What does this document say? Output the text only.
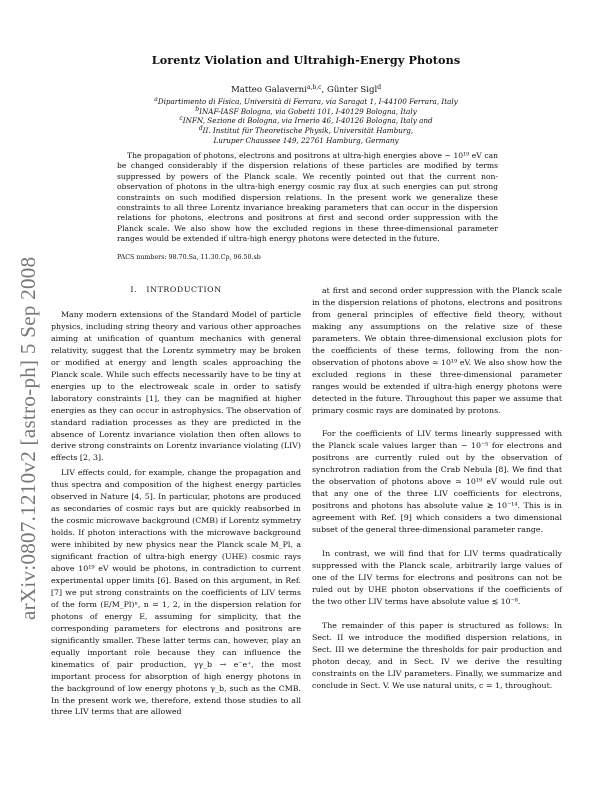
arXiv:0807.1210v2 [astro-ph] 5 Sep 2008
Lorentz Violation and Ultrahigh-Energy Photons
Matteo Galaverni$^{a,b,c}$, Günter Sigl$^d$
$^a$Dipartimento di Fisica, Università di Ferrara, via Saragat 1, I-44100 Ferrara, Italy
$^b$INAF-IASF Bologna, via Gobetti 101, I-40129 Bologna, Italy
$^c$INFN, Sezione di Bologna, via Irnerio 46, I-40126 Bologna, Italy and
$^d$II. Institut für Theoretische Physik, Universität Hamburg,
Luruper Chaussee 149, 22761 Hamburg, Germany
The propagation of photons, electrons and positrons at ultra-high energies above ∼ 10¹⁹ eV can be changed considerably if the dispersion relations of these particles are modified by terms suppressed by powers of the Planck scale. We recently pointed out that the current non-observation of photons in the ultra-high energy cosmic ray flux at such energies can put strong constraints on such modified dispersion relations. In the present work we generalize these constraints to all three Lorentz invariance breaking parameters that can occur in the dispersion relations for photons, electrons and positrons at first and second order suppression with the Planck scale. We also show how the excluded regions in these three-dimensional parameter ranges would be extended if ultra-high energy photons were detected in the future.
PACS numbers: 98.70.Sa, 11.30.Cp, 96.50.sb
I. INTRODUCTION

Many modern extensions of the Standard Model of particle physics, including string theory and various other approaches aiming at unification of quantum mechanics with general relativity, suggest that the Lorentz symmetry may be broken or modified at energy and length scales approaching the Planck scale. While such effects necessarily have to be tiny at energies up to the electroweak scale in order to satisfy laboratory constraints [1], they can be magnified at higher energies as they can occur in astrophysics. The observation of standard radiation processes as they are predicted in the absence of Lorentz invariance violation then often allows to derive strong constraints on Lorentz invariance violating (LIV) effects [2, 3].

LIV effects could, for example, change the propagation and thus spectra and composition of the highest energy particles observed in Nature [4, 5]. In particular, photons are produced as secondaries of cosmic rays but are quickly reabsorbed in the cosmic microwave background (CMB) if Lorentz symmetry holds. If photon interactions with the microwave background were inhibited by new physics near the Planck scale M_Pl, a significant fraction of ultra-high energy (UHE) cosmic rays above 10¹⁹ eV would be photons, in contradiction to current experimental upper limits [6]. Based on this argument, in Ref. [7] we put strong constraints on the coefficients of LIV terms of the form (E/M_Pl)ⁿ, n = 1, 2, in the dispersion relation for photons of energy E, assuming for simplicity, that the corresponding parameters for electrons and positrons are significantly smaller. These latter terms can, however, play an equally important role because they can influence the kinematics of pair production, γγ_b → e⁻e⁺, the most important process for absorption of high energy photons in the background of low energy photons γ_b, such as the CMB. In the present work we, therefore, extend those studies to all three LIV terms that are allowed

at first and second order suppression with the Planck scale in the dispersion relations of photons, electrons and positrons from general principles of effective field theory, without making any assumptions on the relative size of these parameters. We obtain three-dimensional exclusion plots for the coefficients of these terms, following from the non-observation of photons above ≃ 10¹⁹ eV. We also show how the excluded regions in these three-dimensional parameter ranges would be extended if ultra-high energy photons were detected in the future. Throughout this paper we assume that primary cosmic rays are dominated by protons.

For the coefficients of LIV terms linearly suppressed with the Planck scale values larger than ∼ 10⁻⁵ for electrons and positrons are currently ruled out by the observation of synchrotron radiation from the Crab Nebula [8]. We find that the observation of photons above ≃ 10¹⁹ eV would rule out that any one of the three LIV coefficients for electrons, positrons and photons has absolute value ≳ 10⁻¹⁴. This is in agreement with Ref. [9] which considers a two dimensional subset of the general three-dimensional parameter range.

In contrast, we will find that for LIV terms quadratically suppressed with the Planck scale, arbitrarily large values of one of the LIV terms for electrons and positrons can not be ruled out by UHE photon observations if the coefficients of the two other LIV terms have absolute value ≲ 10⁻⁸.

The remainder of this paper is structured as follows: In Sect. II we introduce the modified dispersion relations, in Sect. III we determine the thresholds for pair production and photon decay, and in Sect. IV we derive the resulting constraints on the LIV parameters. Finally, we summarize and conclude in Sect. V. We use natural units, c = 1, throughout.
